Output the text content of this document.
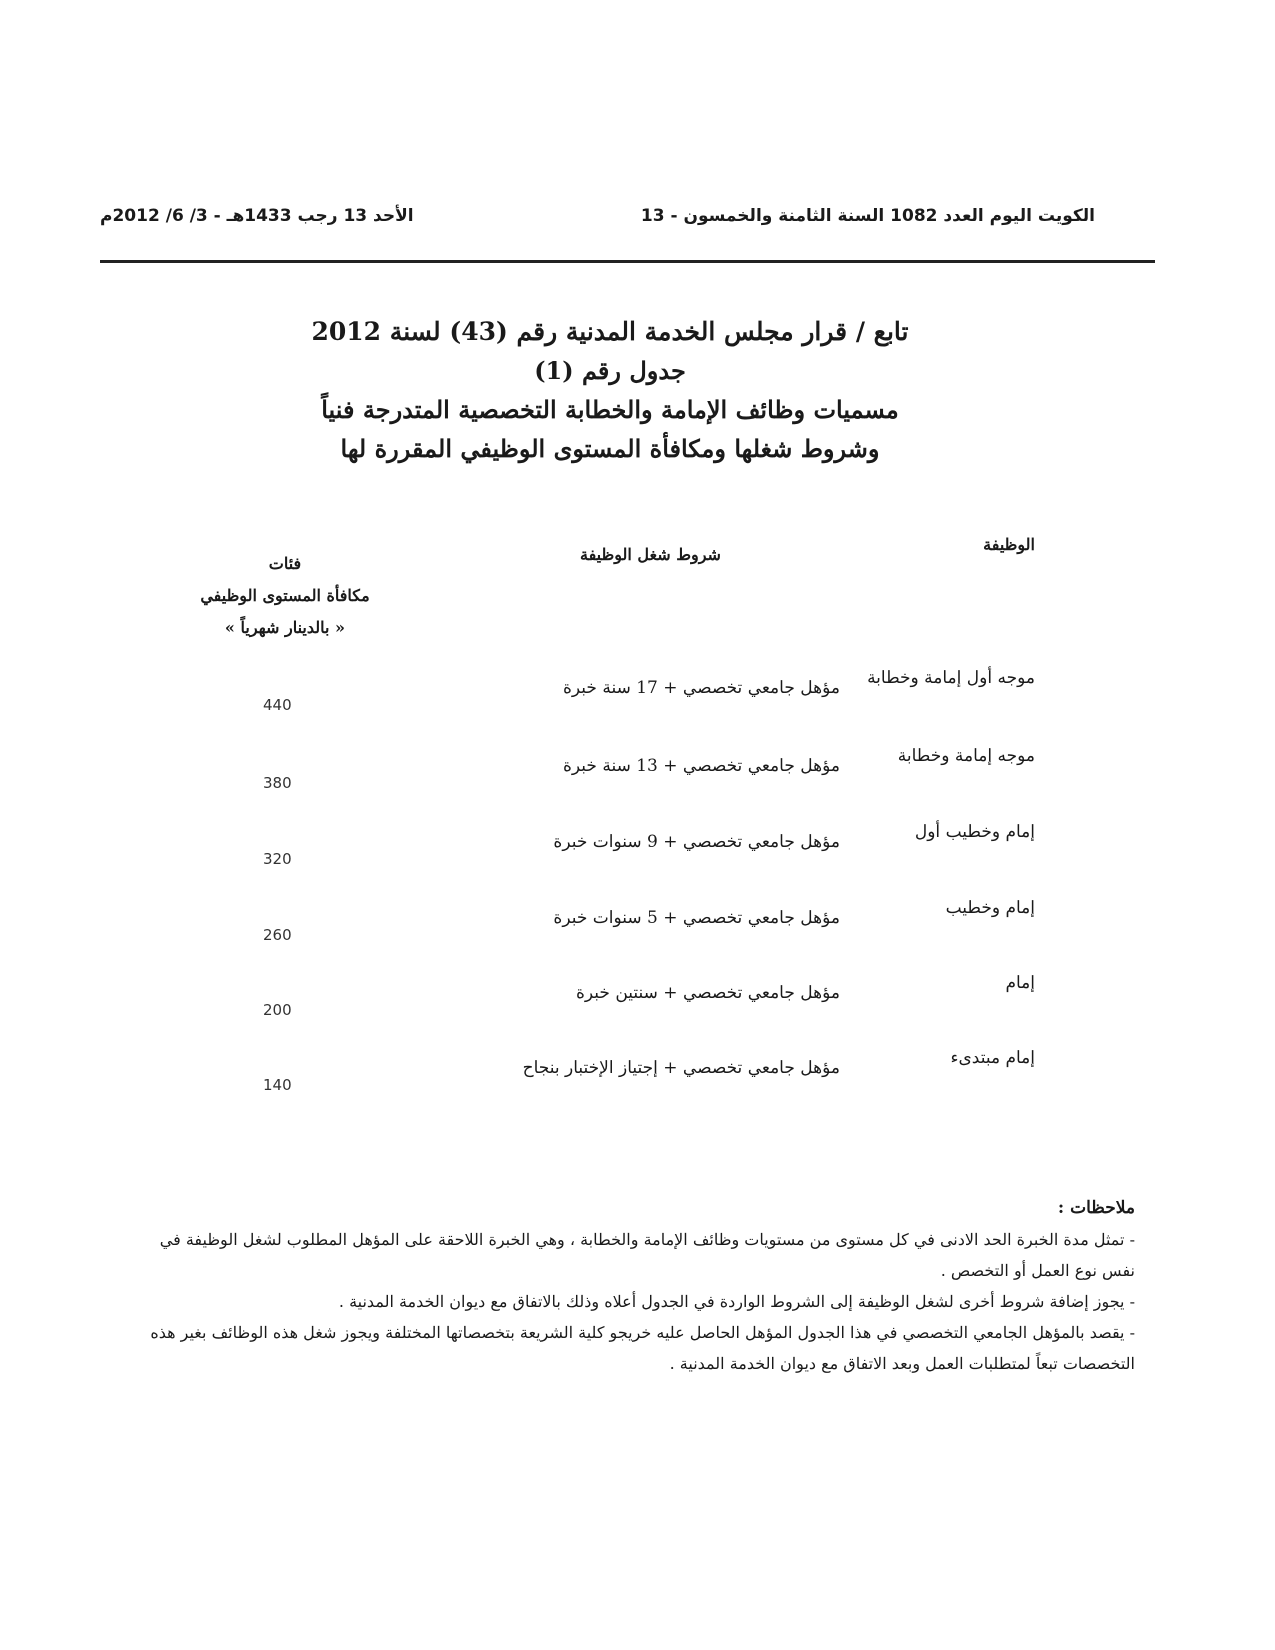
الكويت اليوم العدد 1082 السنة الثامنة والخمسون - 13
الأحد 13 رجب 1433هـ - 3/ 6/ 2012م
تابع / قرار مجلس الخدمة المدنية رقم (43) لسنة 2012
جدول رقم (1)
مسميات وظائف الإمامة والخطابة التخصصية المتدرجة فنياً
وشروط شغلها ومكافأة المستوى الوظيفي المقررة لها
الوظيفة
شروط شغل الوظيفة
فئات
مكافأة المستوى الوظيفي
« بالدينار شهرياً »
موجه أول إمامة وخطابة
مؤهل جامعي تخصصي + 17 سنة خبرة
440
موجه إمامة وخطابة
مؤهل جامعي تخصصي + 13 سنة خبرة
380
إمام وخطيب أول
مؤهل جامعي تخصصي + 9 سنوات خبرة
320
إمام وخطيب
مؤهل جامعي تخصصي + 5 سنوات خبرة
260
إمام
مؤهل جامعي تخصصي + سنتين خبرة
200
إمام مبتدىء
مؤهل جامعي تخصصي + إجتياز الإختبار بنجاح
140
ملاحظات :

- تمثل مدة الخبرة الحد الادنى في كل مستوى من مستويات وظائف الإمامة والخطابة ، وهي الخبرة اللاحقة على المؤهل المطلوب لشغل الوظيفة في نفس نوع العمل أو التخصص .

- يجوز إضافة شروط أخرى لشغل الوظيفة إلى الشروط الواردة في الجدول أعلاه وذلك بالاتفاق مع ديوان الخدمة المدنية .

- يقصد بالمؤهل الجامعي التخصصي في هذا الجدول المؤهل الحاصل عليه خريجو كلية الشريعة بتخصصاتها المختلفة ويجوز شغل هذه الوظائف بغير هذه التخصصات تبعاً لمتطلبات العمل وبعد الاتفاق مع ديوان الخدمة المدنية .
